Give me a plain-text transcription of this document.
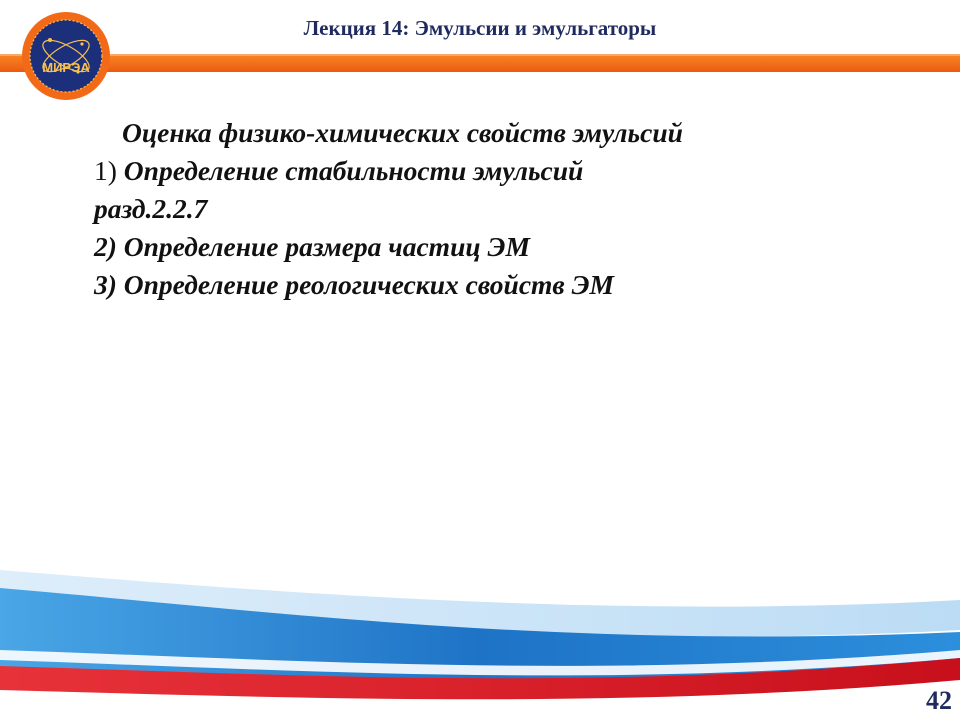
Лекция 14: Эмульсии и эмульгаторы
МИРЭА

Оценка физико-химических свойств эмульсий

1) Определение стабильности эмульсий

разд.2.2.7

2) Определение размера частиц ЭМ

3) Определение реологических свойств ЭМ

42
